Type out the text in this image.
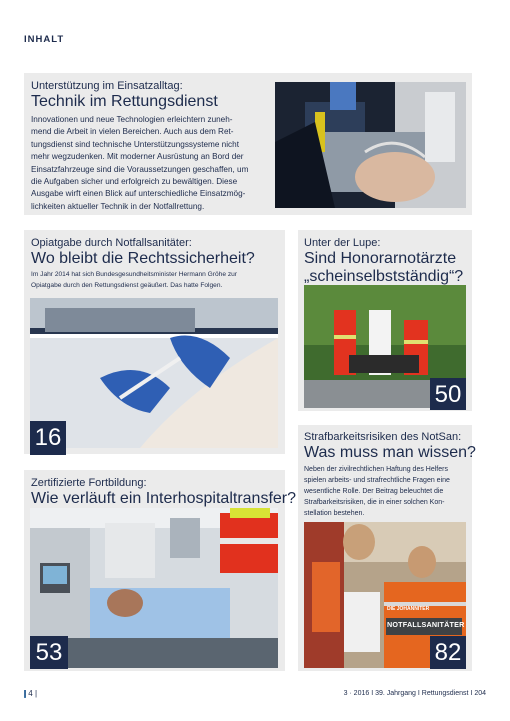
INHALT
Unterstützung im Einsatzalltag:
Technik im Rettungsdienst
Innovationen und neue Technologien erleichtern zuneh-
mend die Arbeit in vielen Bereichen. Auch aus dem Ret-
tungsdienst sind technische Unterstützungssysteme nicht
mehr wegzudenken. Mit moderner Ausrüstung an Bord der
Einsatzfahrzeuge sind die Voraussetzungen geschaffen, um
die Aufgaben sicher und erfolgreich zu bewältigen. Diese
Ausgabe wirft einen Blick auf unterschiedliche Einsatzmög-
lichkeiten aktueller Technik in der Notfallrettung.
Opiatgabe durch Notfallsanitäter:
Wo bleibt die Rechtssicherheit?
Im Jahr 2014 hat sich Bundesgesundheitsminister Hermann Gröhe zur
Opiatgabe durch den Rettungsdienst geäußert. Das hatte Folgen.
16
Unter der Lupe:
Sind Honorarnotärzte
„scheinselbstständig“?
50
Strafbarkeitsrisiken des NotSan:
Was muss man wissen?
Neben der zivilrechtlichen Haftung des Helfers
spielen arbeits- und strafrechtliche Fragen eine
wesentliche Rolle. Der Beitrag beleuchtet die
Strafbarkeitsrisiken, die in einer solchen Kon-
stellation bestehen.
DIE JOHANNITER
NOTFALLSANITÄTER
82
Zertifizierte Fortbildung:
Wie verläuft ein Interhospitaltransfer?
53
| 4 |	3 · 2016 I 39. Jahrgang I Rettungsdienst I 204
